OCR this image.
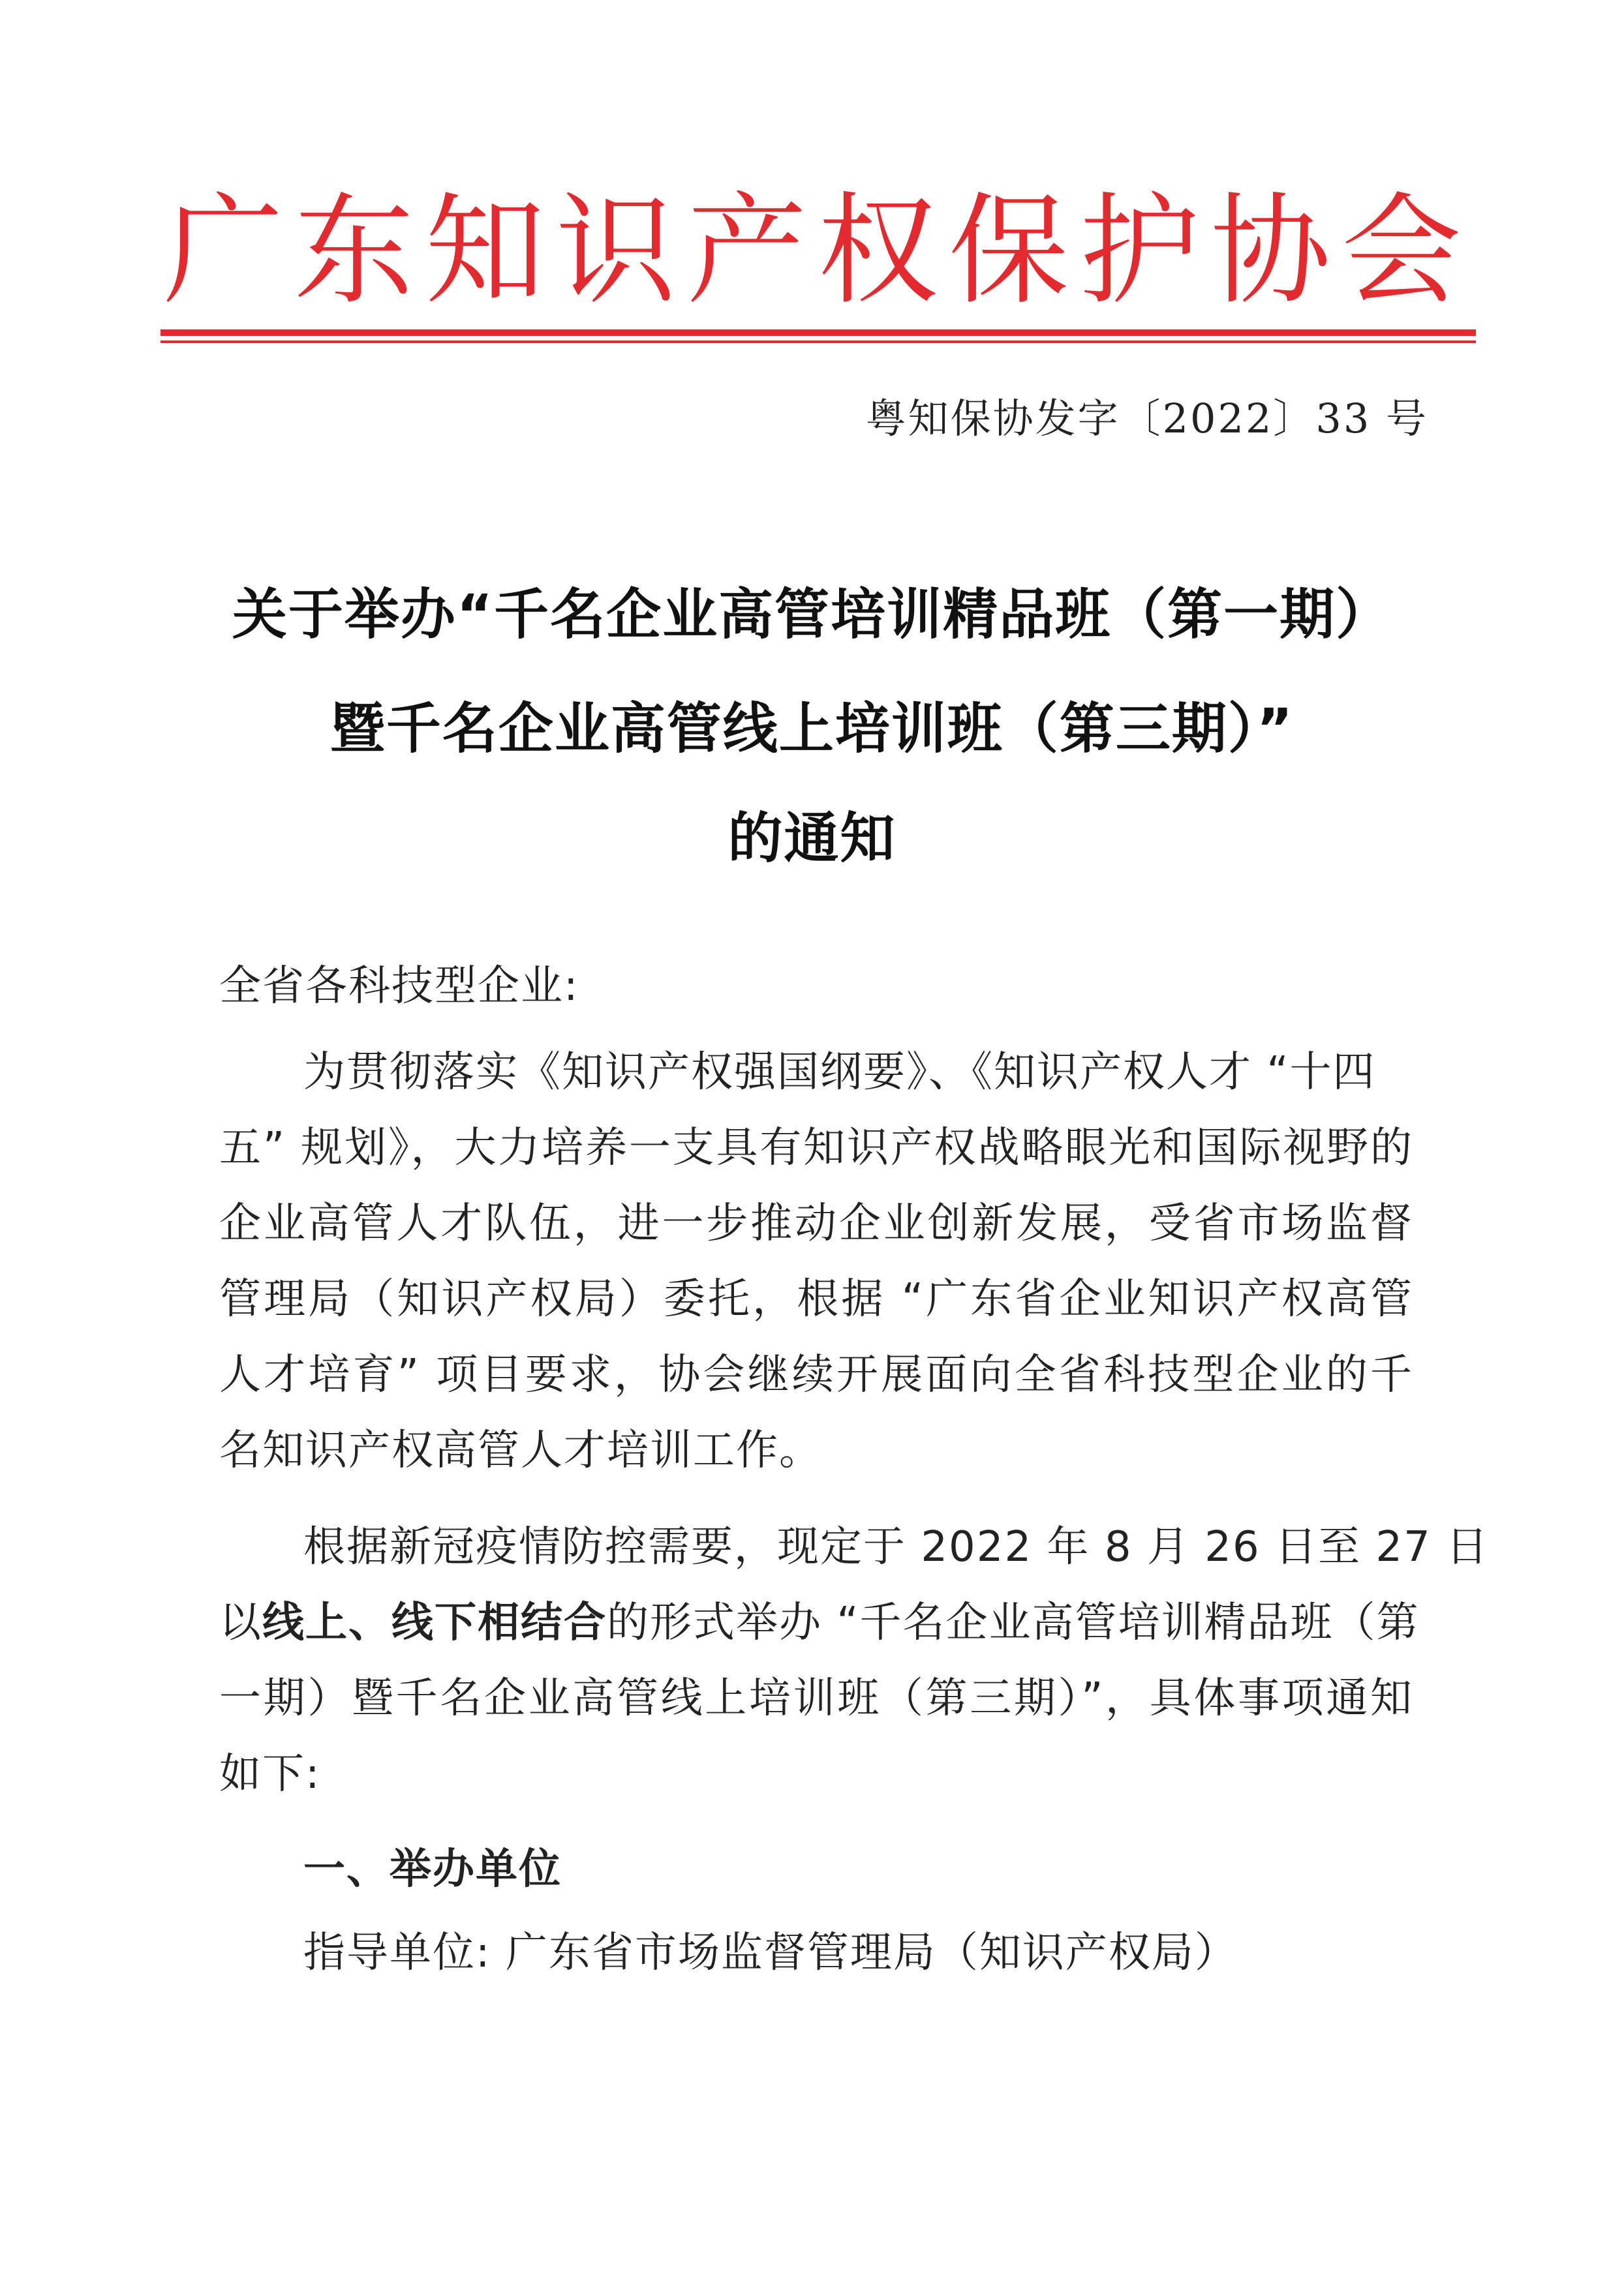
广 东 知 识 产 权 保 护 协 会
粤知保协发字〔2022〕33 号
关于举办“千名企业高管培训精品班（第一期）
暨千名企业高管线上培训班（第三期）”
的通知
全省各科技型企业:
为贯彻落实《知识产权强国纲要》、《知识产权人才 “十四
五” 规划》，大力培养一支具有知识产权战略眼光和国际视野的
企业高管人才队伍，进一步推动企业创新发展，受省市场监督
管理局（知识产权局）委托，根据 “广东省企业知识产权高管
人才培育” 项目要求，协会继续开展面向全省科技型企业的千
名知识产权高管人才培训工作。
根据新冠疫情防控需要，现定于 2022 年 8 月 26 日至 27 日
以线上、线下相结合的形式举办 “千名企业高管培训精品班（第
一期）暨千名企业高管线上培训班（第三期）”，具体事项通知
如下:
一、举办单位
指导单位: 广东省市场监督管理局（知识产权局）
